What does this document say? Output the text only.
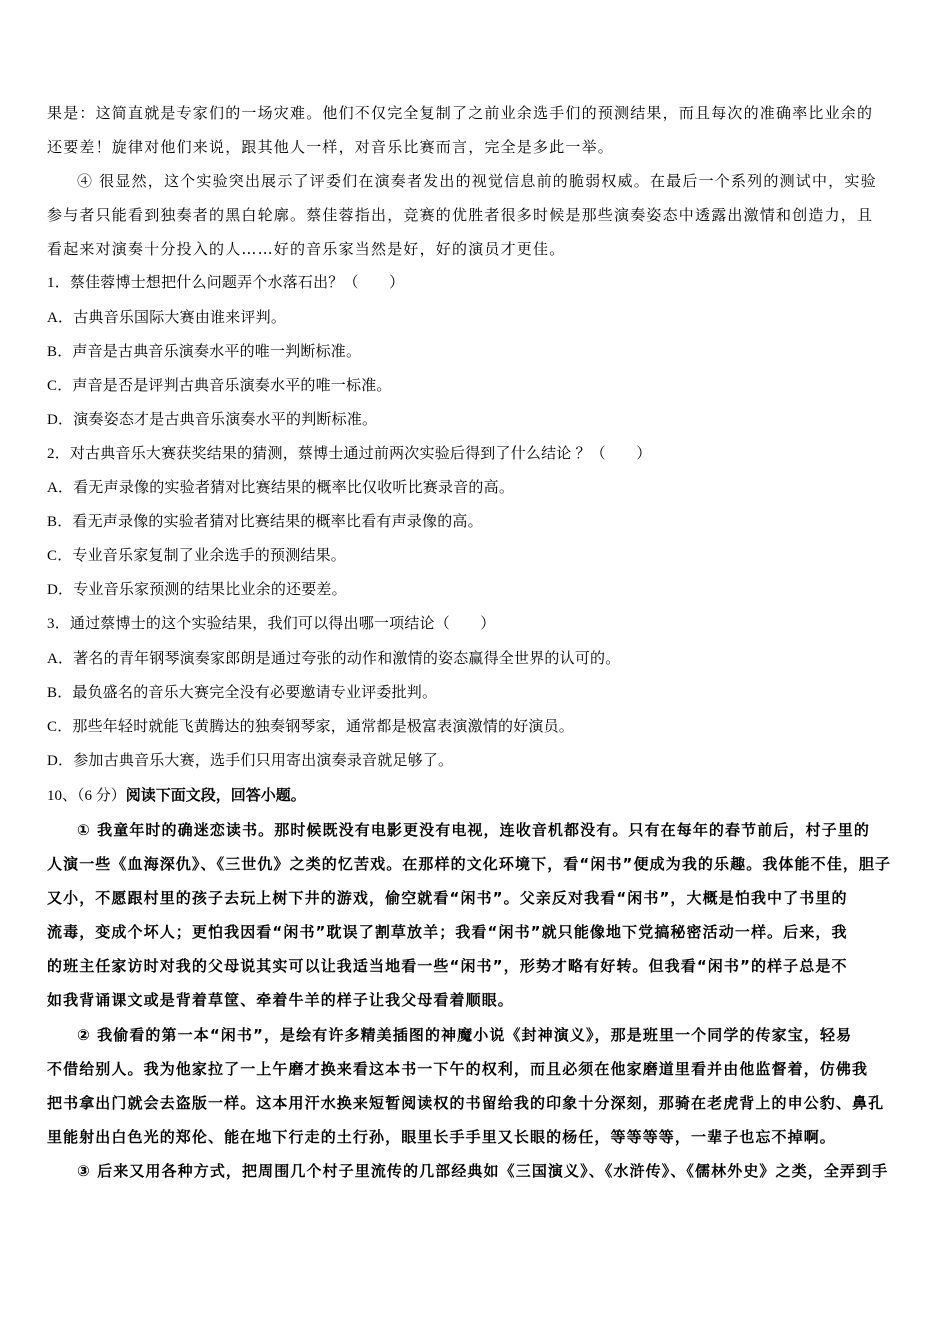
果是：这简直就是专家们的一场灾难。他们不仅完全复制了之前业余选手们的预测结果，而且每次的准确率比业余的

还要差！旋律对他们来说，跟其他人一样，对音乐比赛而言，完全是多此一举。

④ 很显然，这个实验突出展示了评委们在演奏者发出的视觉信息前的脆弱权威。在最后一个系列的测试中，实验

参与者只能看到独奏者的黑白轮廓。蔡佳蓉指出，竞赛的优胜者很多时候是那些演奏姿态中透露出激情和创造力，且

看起来对演奏十分投入的人……好的音乐家当然是好，好的演员才更佳。

1．蔡佳蓉博士想把什么问题弄个水落石出？（　　）

A．古典音乐国际大赛由谁来评判。

B．声音是古典音乐演奏水平的唯一判断标准。

C．声音是否是评判古典音乐演奏水平的唯一标准。

D．演奏姿态才是古典音乐演奏水平的判断标准。

2．对古典音乐大赛获奖结果的猜测，蔡博士通过前两次实验后得到了什么结论 ？（　　）

A．看无声录像的实验者猜对比赛结果的概率比仅收听比赛录音的高。

B．看无声录像的实验者猜对比赛结果的概率比看有声录像的高。

C．专业音乐家复制了业余选手的预测结果。

D．专业音乐家预测的结果比业余的还要差。

3．通过蔡博士的这个实验结果，我们可以得出哪一项结论（　　）

A．著名的青年钢琴演奏家郎朗是通过夸张的动作和激情的姿态赢得全世界的认可的。

B．最负盛名的音乐大赛完全没有必要邀请专业评委批判。

C．那些年轻时就能飞黄腾达的独奏钢琴家，通常都是极富表演激情的好演员。

D．参加古典音乐大赛，选手们只用寄出演奏录音就足够了。

10、（6 分）阅读下面文段，回答小题。

① 我童年时的确迷恋读书。那时候既没有电影更没有电视，连收音机都没有。只有在每年的春节前后，村子里的

人演一些《血海深仇》、《三世仇》之类的忆苦戏。在那样的文化环境下，看“闲书”便成为我的乐趣。我体能不佳，胆子

又小，不愿跟村里的孩子去玩上树下井的游戏，偷空就看“闲书”。父亲反对我看“闲书”，大概是怕我中了书里的

流毒，变成个坏人；更怕我因看“闲书”耽误了割草放羊；我看“闲书”就只能像地下党搞秘密活动一样。后来，我

的班主任家访时对我的父母说其实可以让我适当地看一些“闲书”，形势才略有好转。但我看“闲书”的样子总是不

如我背诵课文或是背着草筐、牵着牛羊的样子让我父母看着顺眼。

② 我偷看的第一本“闲书”，是绘有许多精美插图的神魔小说《封神演义》，那是班里一个同学的传家宝，轻易

不借给别人。我为他家拉了一上午磨才换来看这本书一下午的权利，而且必须在他家磨道里看并由他监督着，仿佛我

把书拿出门就会去盗版一样。这本用汗水换来短暂阅读权的书留给我的印象十分深刻，那骑在老虎背上的申公豹、鼻孔

里能射出白色光的郑伦、能在地下行走的土行孙，眼里长手手里又长眼的杨任，等等等等，一辈子也忘不掉啊。

③ 后来又用各种方式，把周围几个村子里流传的几部经典如《三国演义》、《水浒传》、《儒林外史》之类，全弄到手
